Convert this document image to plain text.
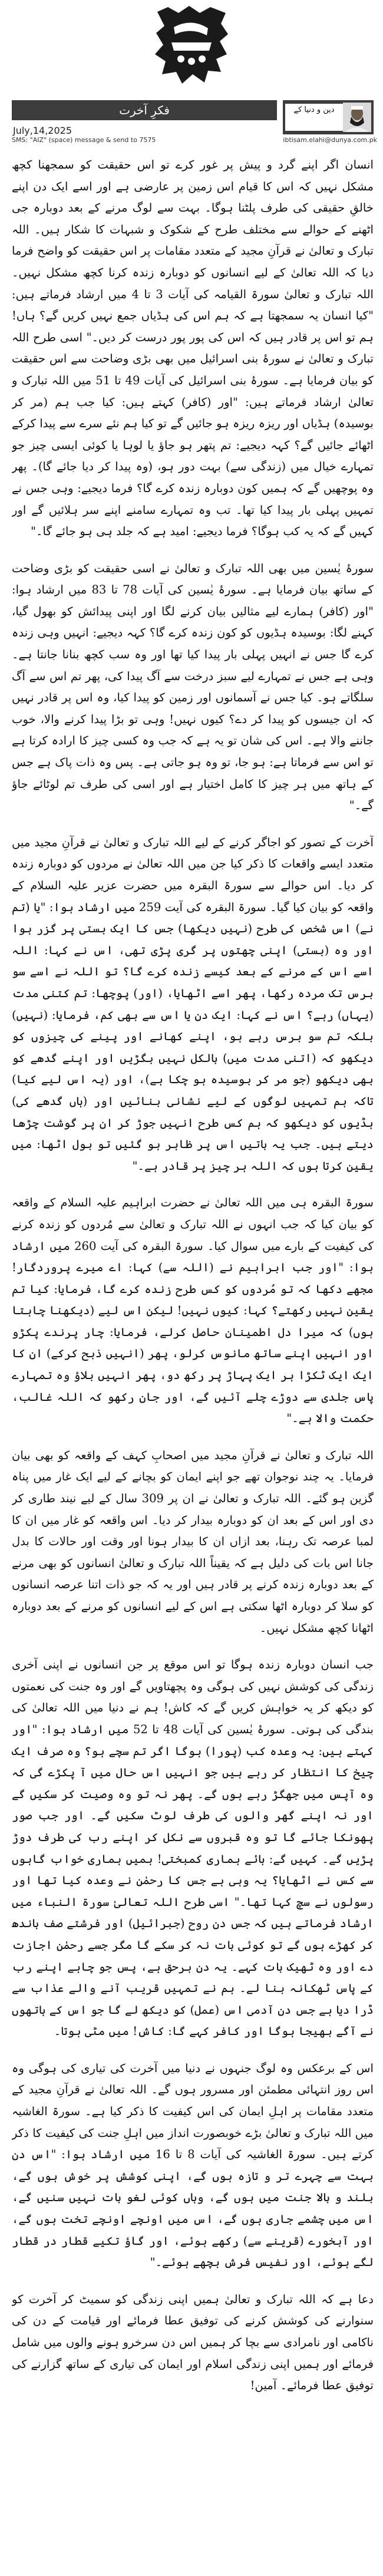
فکرِ آخرت
July,14,2025
SMS: "AIZ" (space) message & send to 7575
دین و دنیا کے
ibtisam.elahi@dunya.com.pk

انسان اگر اپنے گرد و پیش پر غور کرے تو اس حقیقت کو سمجھنا کچھ مشکل نہیں کہ اس کا قیام اس زمین پر عارضی ہے اور اسے ایک دن اپنے خالقِ حقیقی کی طرف پلٹنا ہوگا۔ بہت سے لوگ مرنے کے بعد دوبارہ جی اٹھنے کے حوالے سے مختلف طرح کے شکوک و شبہات کا شکار ہیں۔ اللہ تبارک و تعالیٰ نے قرآنِ مجید کے متعدد مقامات پر اس حقیقت کو واضح فرما دیا کہ اللہ تعالیٰ کے لیے انسانوں کو دوبارہ زندہ کرنا کچھ مشکل نہیں۔ اللہ تبارک و تعالیٰ سورۃ القیامہ کی آیات 3 تا 4 میں ارشاد فرماتے ہیں: "کیا انسان یہ سمجھتا ہے کہ ہم اس کی ہڈیاں جمع نہیں کریں گے؟ ہاں! ہم تو اس پر قادر ہیں کہ اس کی پور پور درست کر دیں۔" اسی طرح اللہ تبارک و تعالیٰ نے سورۂ بنی اسرائیل میں بھی بڑی وضاحت سے اس حقیقت کو بیان فرمایا ہے۔ سورۂ بنی اسرائیل کی آیات 49 تا 51 میں اللہ تبارک و تعالیٰ ارشاد فرماتے ہیں: "اور (کافر) کہتے ہیں: کیا جب ہم (مر کر بوسیدہ) ہڈیاں اور ریزہ ریزہ ہو جائیں گے تو کیا ہم نئے سرے سے پیدا کرکے اٹھائے جائیں گے؟ کہہ دیجیے: تم پتھر ہو جاؤ یا لوہا یا کوئی ایسی چیز جو تمہارے خیال میں (زندگی سے) بہت دور ہو، (وہ پیدا کر دیا جائے گا)۔ پھر وہ پوچھیں گے کہ ہمیں کون دوبارہ زندہ کرے گا؟ فرما دیجیے: وہی جس نے تمہیں پہلی بار پیدا کیا تھا۔ تب وہ تمہارے سامنے اپنے سر ہلائیں گے اور کہیں گے کہ یہ کب ہوگا؟ فرما دیجیے: امید ہے کہ جلد ہی ہو جائے گا۔"

سورۂ یٰسین میں بھی اللہ تبارک و تعالیٰ نے اسی حقیقت کو بڑی وضاحت کے ساتھ بیان فرمایا ہے۔ سورۂ یٰسین کی آیات 78 تا 83 میں ارشاد ہوا: "اور (کافر) ہمارے لیے مثالیں بیان کرنے لگا اور اپنی پیدائش کو بھول گیا، کہنے لگا: بوسیدہ ہڈیوں کو کون زندہ کرے گا؟ کہہ دیجیے: انہیں وہی زندہ کرے گا جس نے انہیں پہلی بار پیدا کیا تھا اور وہ سب کچھ بنانا جانتا ہے۔ وہی ہے جس نے تمہارے لیے سبز درخت سے آگ پیدا کی، پھر تم اس سے آگ سلگاتے ہو۔ کیا جس نے آسمانوں اور زمین کو پیدا کیا، وہ اس پر قادر نہیں کہ ان جیسوں کو پیدا کر دے؟ کیوں نہیں! وہی تو بڑا پیدا کرنے والا، خوب جاننے والا ہے۔ اس کی شان تو یہ ہے کہ جب وہ کسی چیز کا ارادہ کرتا ہے تو اس سے فرماتا ہے: ہو جا، تو وہ ہو جاتی ہے۔ پس وہ ذات پاک ہے جس کے ہاتھ میں ہر چیز کا کامل اختیار ہے اور اسی کی طرف تم لوٹائے جاؤ گے۔"

آخرت کے تصور کو اجاگر کرنے کے لیے اللہ تبارک و تعالیٰ نے قرآنِ مجید میں متعدد ایسے واقعات کا ذکر کیا جن میں اللہ تعالیٰ نے مردوں کو دوبارہ زندہ کر دیا۔ اس حوالے سے سورۃ البقرہ میں حضرت عزیر علیہ السلام کے واقعہ کو بیان کیا گیا۔ سورۃ البقرہ کی آیت 259 میں ارشاد ہوا: "یا (تم نے) اس شخص کی طرح (نہیں دیکھا) جس کا ایک بستی پر گزر ہوا اور وہ (بستی) اپنی چھتوں پر گری پڑی تھی، اس نے کہا: اللہ اسے اس کے مرنے کے بعد کیسے زندہ کرے گا؟ تو اللہ نے اسے سو برس تک مردہ رکھا، پھر اسے اٹھایا، (اور) پوچھا: تم کتنی مدت (یہاں) رہے؟ اس نے کہا: ایک دن یا اس سے بھی کم، فرمایا: (نہیں) بلکہ تم سو برس رہے ہو، اپنے کھانے اور پینے کی چیزوں کو دیکھو کہ (اتنی مدت میں) بالکل نہیں بگڑیں اور اپنے گدھے کو بھی دیکھو (جو مر کر بوسیدہ ہو چکا ہے)، اور (یہ اس لیے کیا) تاکہ ہم تمہیں لوگوں کے لیے نشانی بنائیں اور (ہاں گدھے کی) ہڈیوں کو دیکھو کہ ہم کس طرح انہیں جوڑ کر ان پر گوشت چڑھا دیتے ہیں۔ جب یہ باتیں اس پر ظاہر ہو گئیں تو بول اٹھا: میں یقین کرتا ہوں کہ اللہ ہر چیز پر قادر ہے۔"

سورۃ البقرہ ہی میں اللہ تعالیٰ نے حضرت ابراہیم علیہ السلام کے واقعہ کو بیان کیا کہ جب انہوں نے اللہ تبارک و تعالیٰ سے مُردوں کو زندہ کرنے کی کیفیت کے بارے میں سوال کیا۔ سورۃ البقرہ کی آیت 260 میں ارشاد ہوا: "اور جب ابراہیم نے (اللہ سے) کہا: اے میرے پروردگار! مجھے دکھا کہ تو مُردوں کو کس طرح زندہ کرے گا، فرمایا: کیا تم یقین نہیں رکھتے؟ کہا: کیوں نہیں! لیکن اس لیے (دیکھنا چاہتا ہوں) کہ میرا دل اطمینان حاصل کرلے، فرمایا: چار پرندے پکڑو اور انہیں اپنے ساتھ مانوس کرلو، پھر (انہیں ذبح کرکے) ان کا ایک ایک ٹکڑا ہر ایک پہاڑ پر رکھ دو، پھر انہیں بلاؤ وہ تمہارے پاس جلدی سے دوڑے چلے آئیں گے، اور جان رکھو کہ اللہ غالب، حکمت والا ہے۔"

اللہ تبارک و تعالیٰ نے قرآنِ مجید میں اصحابِ کہف کے واقعہ کو بھی بیان فرمایا۔ یہ چند نوجوان تھے جو اپنے ایمان کو بچانے کے لیے ایک غار میں پناہ گزین ہو گئے۔ اللہ تبارک و تعالیٰ نے ان پر 309 سال کے لیے نیند طاری کر دی اور اس کے بعد ان کو دوبارہ بیدار کر دیا۔ اس واقعہ کو غار میں ان کا لمبا عرصہ تک رہنا، بعد ازاں ان کا بیدار ہونا اور وقت اور حالات کا بدل جانا اس بات کی دلیل ہے کہ یقیناً اللہ تبارک و تعالیٰ انسانوں کو بھی مرنے کے بعد دوبارہ زندہ کرنے پر قادر ہیں اور یہ کہ جو ذات اتنا عرصہ انسانوں کو سلا کر دوبارہ اٹھا سکتی ہے اس کے لیے انسانوں کو مرنے کے بعد دوبارہ اٹھانا کچھ مشکل نہیں۔

جب انسان دوبارہ زندہ ہوگا تو اس موقع پر جن انسانوں نے اپنی آخری زندگی کی کوشش نہیں کی ہوگی وہ پچھتاویں گے اور وہ جنت کی نعمتوں کو دیکھ کر یہ خواہش کریں گے کہ کاش! ہم نے دنیا میں اللہ تعالیٰ کی بندگی کی ہوتی۔ سورۂ یٰسین کی آیات 48 تا 52 میں ارشاد ہوا: "اور کہتے ہیں: یہ وعدہ کب (پورا) ہوگا اگر تم سچے ہو؟ وہ صرف ایک چیخ کا انتظار کر رہے ہیں جو انہیں اس حال میں آ پکڑے گی کہ وہ آپس میں جھگڑ رہے ہوں گے۔ پھر نہ تو وہ وصیت کر سکیں گے اور نہ اپنے گھر والوں کی طرف لوٹ سکیں گے۔ اور جب صور پھونکا جائے گا تو وہ قبروں سے نکل کر اپنے رب کی طرف دوڑ پڑیں گے۔ کہیں گے: ہائے ہماری کمبختی! ہمیں ہماری خواب گاہوں سے کس نے اٹھایا؟ یہ وہی ہے جس کا رحمٰن نے وعدہ کیا تھا اور رسولوں نے سچ کہا تھا۔" اسی طرح اللہ تعالیٰ سورۃ النباء میں ارشاد فرماتے ہیں کہ جس دن روح (جبرائیل) اور فرشتے صف باندھ کر کھڑے ہوں گے تو کوئی بات نہ کر سکے گا مگر جسے رحمٰن اجازت دے اور وہ ٹھیک بات کہے۔ یہ دن برحق ہے، پس جو چاہے اپنے رب کے پاس ٹھکانہ بنا لے۔ ہم نے تمہیں قریب آنے والے عذاب سے ڈرا دیا ہے جس دن آدمی اس (عمل) کو دیکھ لے گا جو اس کے ہاتھوں نے آگے بھیجا ہوگا اور کافر کہے گا: کاش! میں مٹی ہوتا۔

اس کے برعکس وہ لوگ جنہوں نے دنیا میں آخرت کی تیاری کی ہوگی وہ اس روز انتہائی مطمئن اور مسرور ہوں گے۔ اللہ تعالیٰ نے قرآنِ مجید کے متعدد مقامات پر اہلِ ایمان کی اس کیفیت کا ذکر کیا ہے۔ سورۃ الغاشیہ میں اللہ تبارک و تعالیٰ بڑے خوبصورت انداز میں اہلِ جنت کی کیفیت کا ذکر کرتے ہیں۔ سورۃ الغاشیہ کی آیات 8 تا 16 میں ارشاد ہوا: "اس دن بہت سے چہرے تر و تازہ ہوں گے، اپنی کوشش پر خوش ہوں گے، بلند و بالا جنت میں ہوں گے، وہاں کوئی لغو بات نہیں سنیں گے، اس میں چشمے جاری ہوں گے، اس میں اونچے اونچے تخت ہوں گے، اور آبخورے (قرینے سے) رکھے ہوئے، اور گاؤ تکیے قطار در قطار لگے ہوئے، اور نفیس فرش بچھے ہوئے۔"

دعا ہے کہ اللہ تبارک و تعالیٰ ہمیں اپنی زندگی کو سمیٹ کر آخرت کو سنوارنے کی کوشش کرنے کی توفیق عطا فرمائے اور قیامت کے دن کی ناکامی اور نامرادی سے بچا کر ہمیں اس دن سرخرو ہونے والوں میں شامل فرمائے اور ہمیں اپنی زندگی اسلام اور ایمان کی تیاری کے ساتھ گزارنے کی توفیق عطا فرمائے۔ آمین!
